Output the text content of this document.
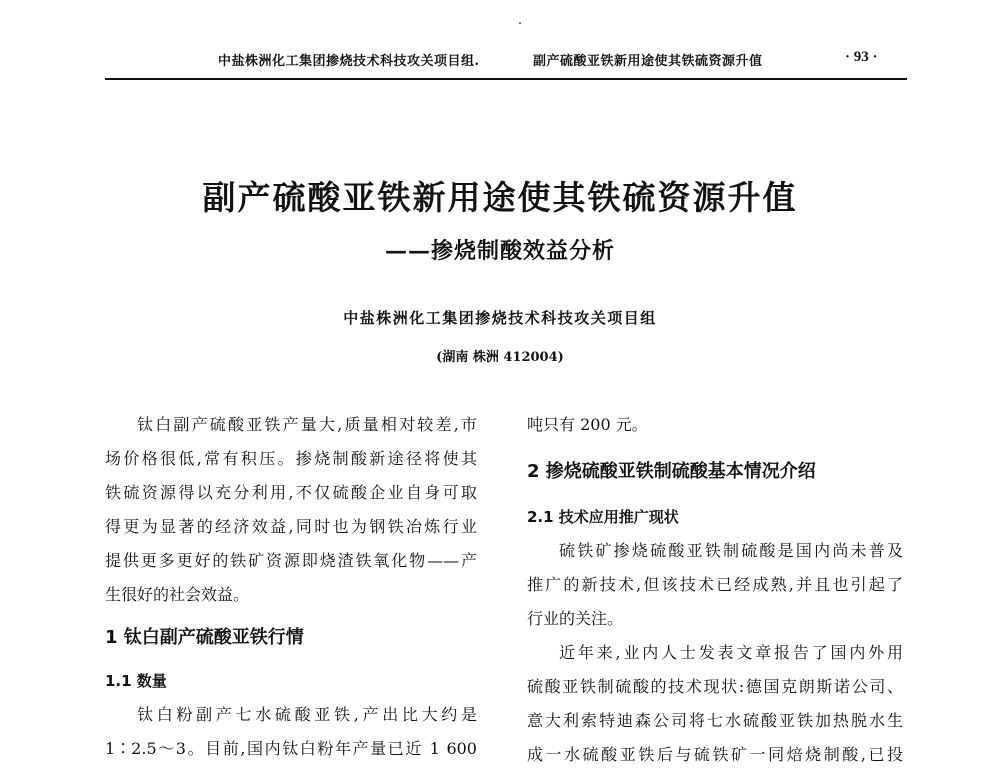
中盐株洲化工集团掺烧技术科技攻关项目组.	副产硫酸亚铁新用途使其铁硫资源升值	· 93 ·
副产硫酸亚铁新用途使其铁硫资源升值
——掺烧制酸效益分析
中盐株洲化工集团掺烧技术科技攻关项目组
(湖南 株洲 412004)

钛白副产硫酸亚铁产量大,质量相对较差,市

场价格很低,常有积压。掺烧制酸新途径将使其

铁硫资源得以充分利用,不仅硫酸企业自身可取

得更为显著的经济效益,同时也为钢铁冶炼行业

提供更多更好的铁矿资源即烧渣铁氧化物——产

生很好的社会效益。

1 钛白副产硫酸亚铁行情

1.1 数量

钛白粉副产七水硫酸亚铁,产出比大约是

1∶2.5～3。目前,国内钛白粉年产量已近 1 600

吨只有 200 元。

2 掺烧硫酸亚铁制硫酸基本情况介绍

2.1 技术应用推广现状

硫铁矿掺烧硫酸亚铁制硫酸是国内尚未普及

推广的新技术,但该技术已经成熟,并且也引起了

行业的关注。

近年来,业内人士发表文章报告了国内外用

硫酸亚铁制硫酸的技术现状:德国克朗斯诺公司、

意大利索特迪森公司将七水硫酸亚铁加热脱水生

成一水硫酸亚铁后与硫铁矿一同焙烧制酸,已投
